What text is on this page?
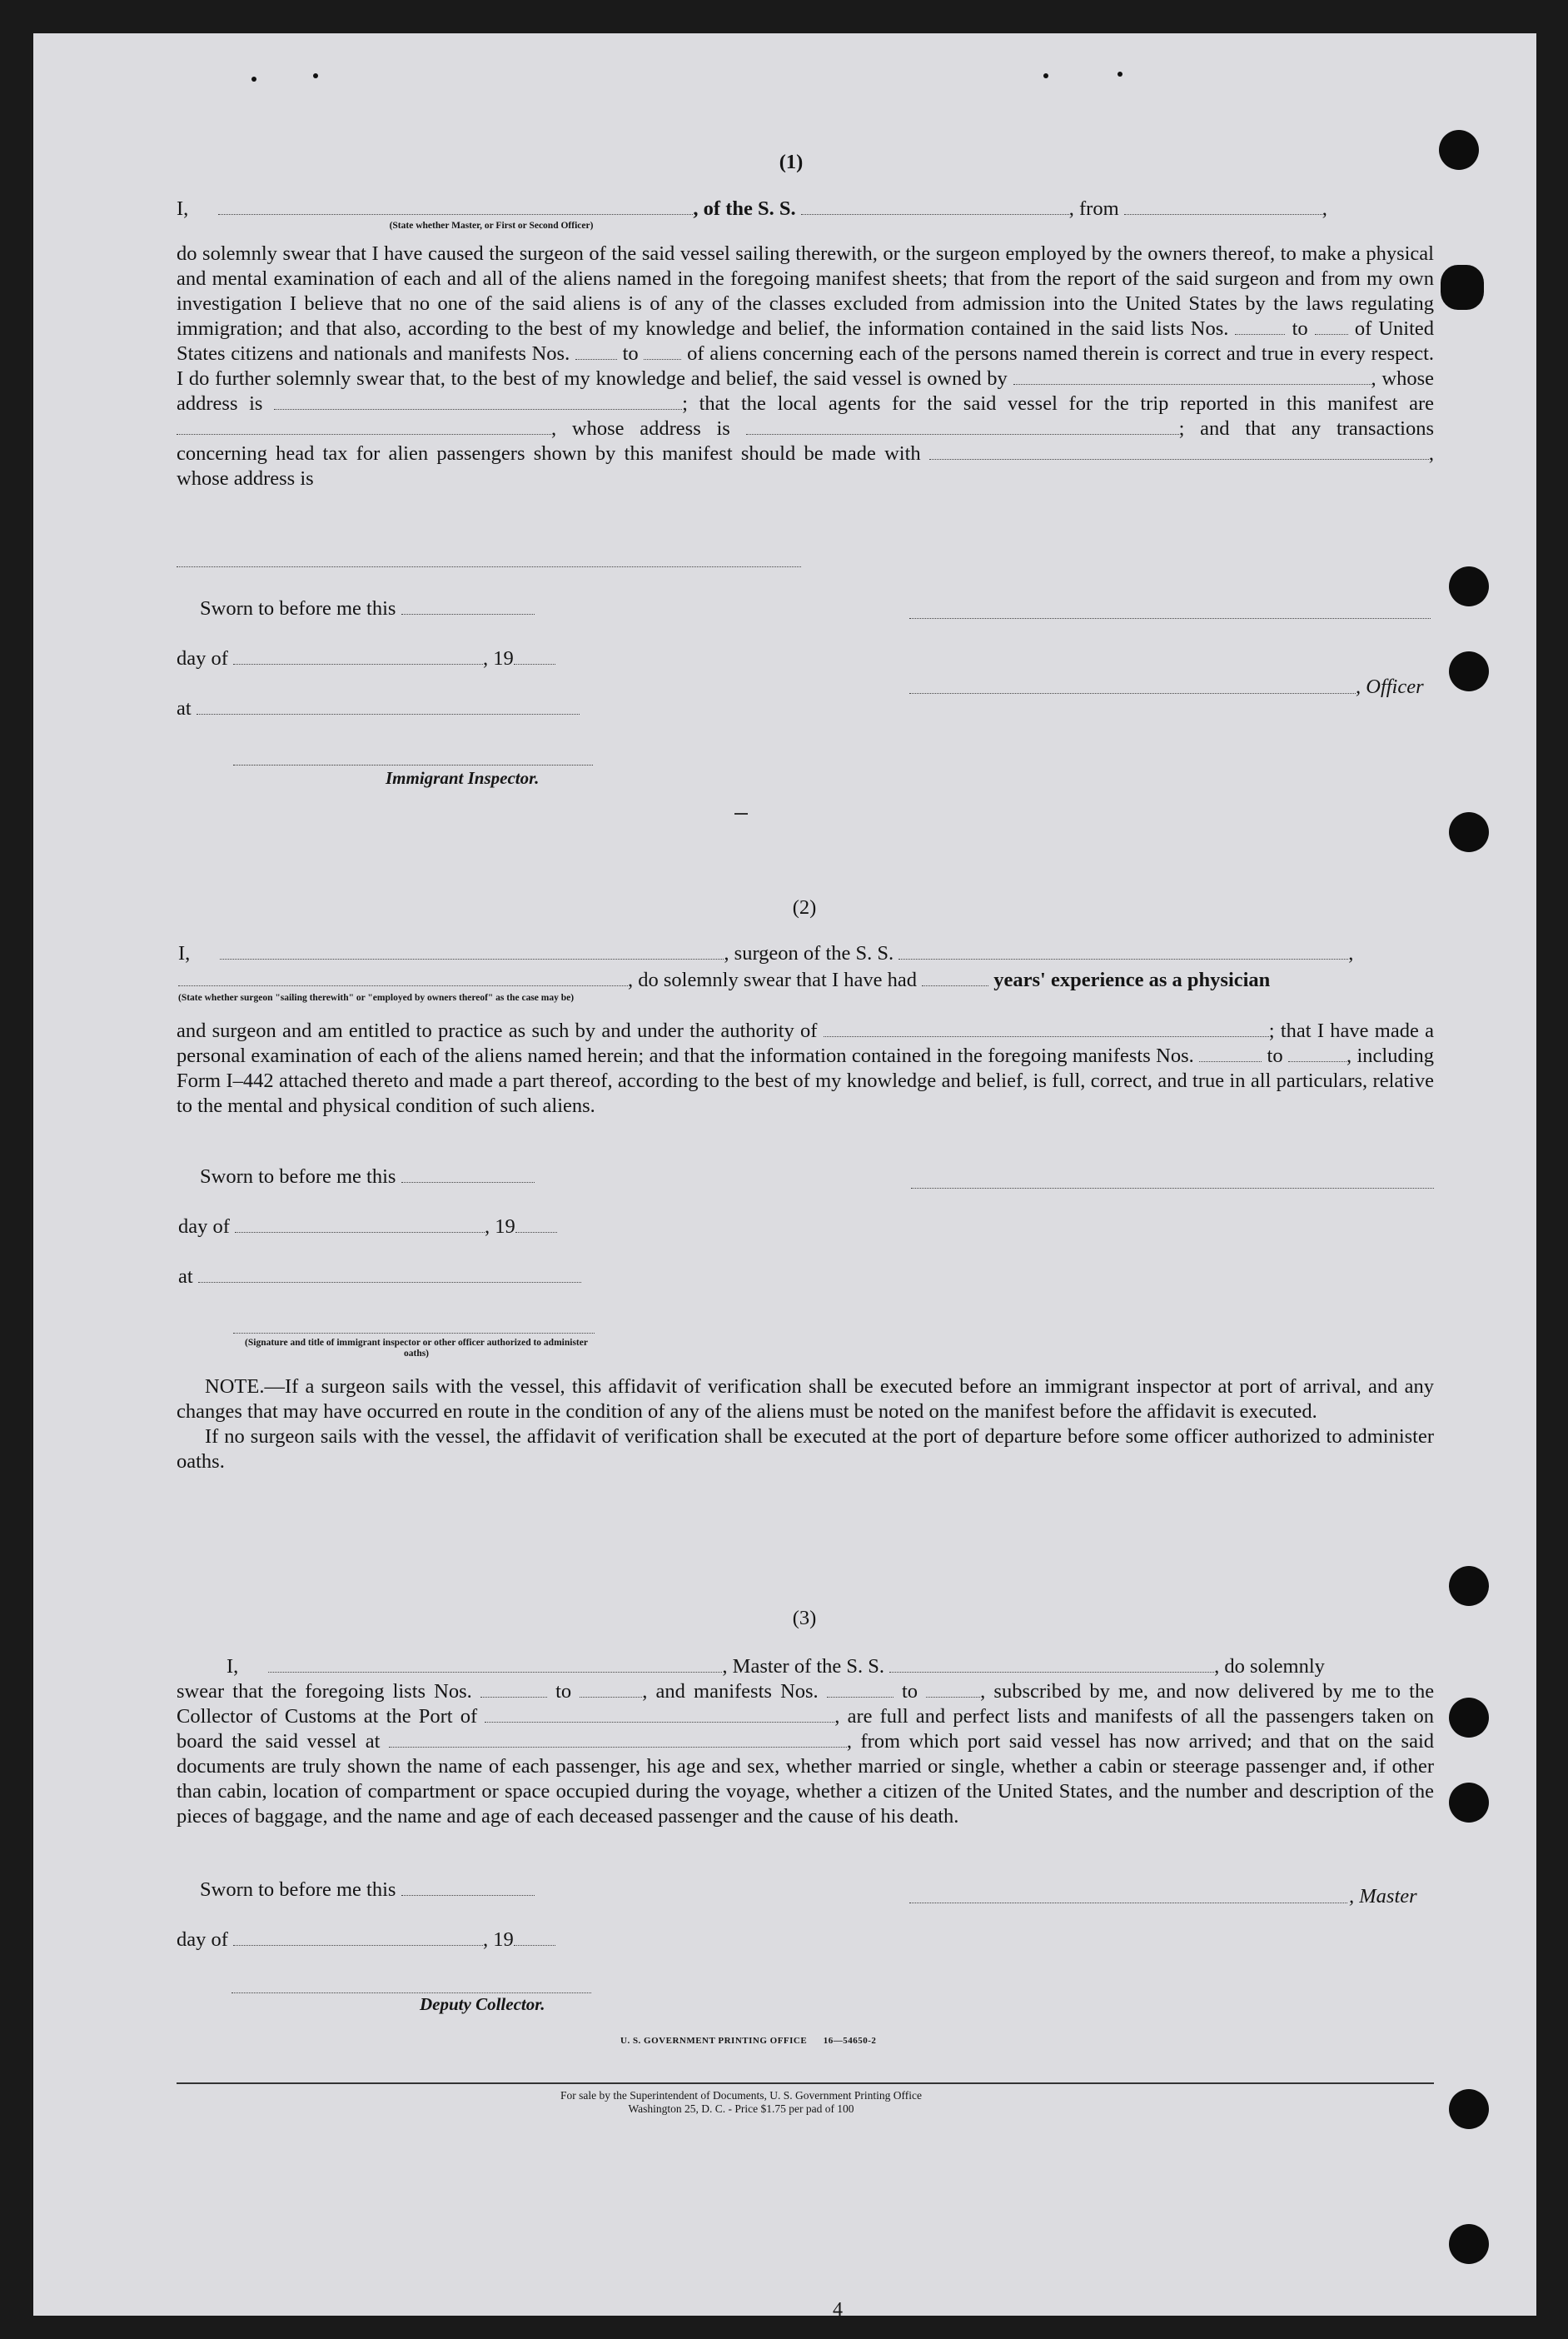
(1)
I,	, of the S. S.	, from	,
(State whether Master, or First or Second Officer)

do solemnly swear that I have caused the surgeon of the said vessel sailing therewith, or the surgeon employed by the owners thereof, to make a physical and mental examination of each and all of the aliens named in the foregoing manifest sheets; that from the report of the said surgeon and from my own investigation I believe that no one of the said aliens is of any of the classes excluded from admission into the United States by the laws regulating immigration; and that also, according to the best of my knowledge and belief, the information contained in the said lists Nos.	to of United States citizens and nationals and manifests Nos.	to of aliens concerning each of the persons named therein is correct and true in every respect. I do further solemnly swear that, to the best of my knowledge and belief, the said vessel is owned by	, whose address is	; that the local agents for the said vessel for the trip reported in this manifest are , whose address is	; and that any transactions concerning head tax for alien passengers shown by this manifest should be made with	, whose address is

Sworn to before me this
day of	, 19
, Officer
at
Immigrant Inspector.
(2)
I,	, surgeon of the S. S.	,
, do solemnly swear that I have had	years' experience as a physician
(State whether surgeon "sailing therewith" or "employed by owners thereof" as the case may be)

and surgeon and am entitled to practice as such by and under the authority of	; that I have made a personal examination of each of the aliens named herein; and that the information contained in the foregoing manifests Nos.	to	, including Form I–442 attached thereto and made a part thereof, according to the best of my knowledge and belief, is full, correct, and true in all particulars, relative to the mental and physical condition of such aliens.

Sworn to before me this
day of	, 19
at
(Signature and title of immigrant inspector or other officer authorized to administer oaths)

NOTE.—If a surgeon sails with the vessel, this affidavit of verification shall be executed before an immigrant inspector at port of arrival, and any changes that may have occurred en route in the condition of any of the aliens must be noted on the manifest before the affidavit is executed.

If no surgeon sails with the vessel, the affidavit of verification shall be executed at the port of departure before some officer authorized to administer oaths.

(3)
I,	, Master of the S. S.	, do solemnly

swear that the foregoing lists Nos.	to	, and manifests Nos.	to	, subscribed by me, and now delivered by me to the Collector of Customs at the Port of	, are full and perfect lists and manifests of all the passengers taken on board the said vessel at	, from which port said vessel has now arrived; and that on the said documents are truly shown the name of each passenger, his age and sex, whether married or single, whether a cabin or steerage passenger and, if other than cabin, location of compartment or space occupied during the voyage, whether a citizen of the United States, and the number and description of the pieces of baggage, and the name and age of each deceased passenger and the cause of his death.

Sworn to before me this	, Master
day of	, 19
Deputy Collector.
U. S. GOVERNMENT PRINTING OFFICE      16—54650-2
For sale by the Superintendent of Documents, U. S. Government Printing Office
Washington 25, D. C. - Price $1.75 per pad of 100
4
